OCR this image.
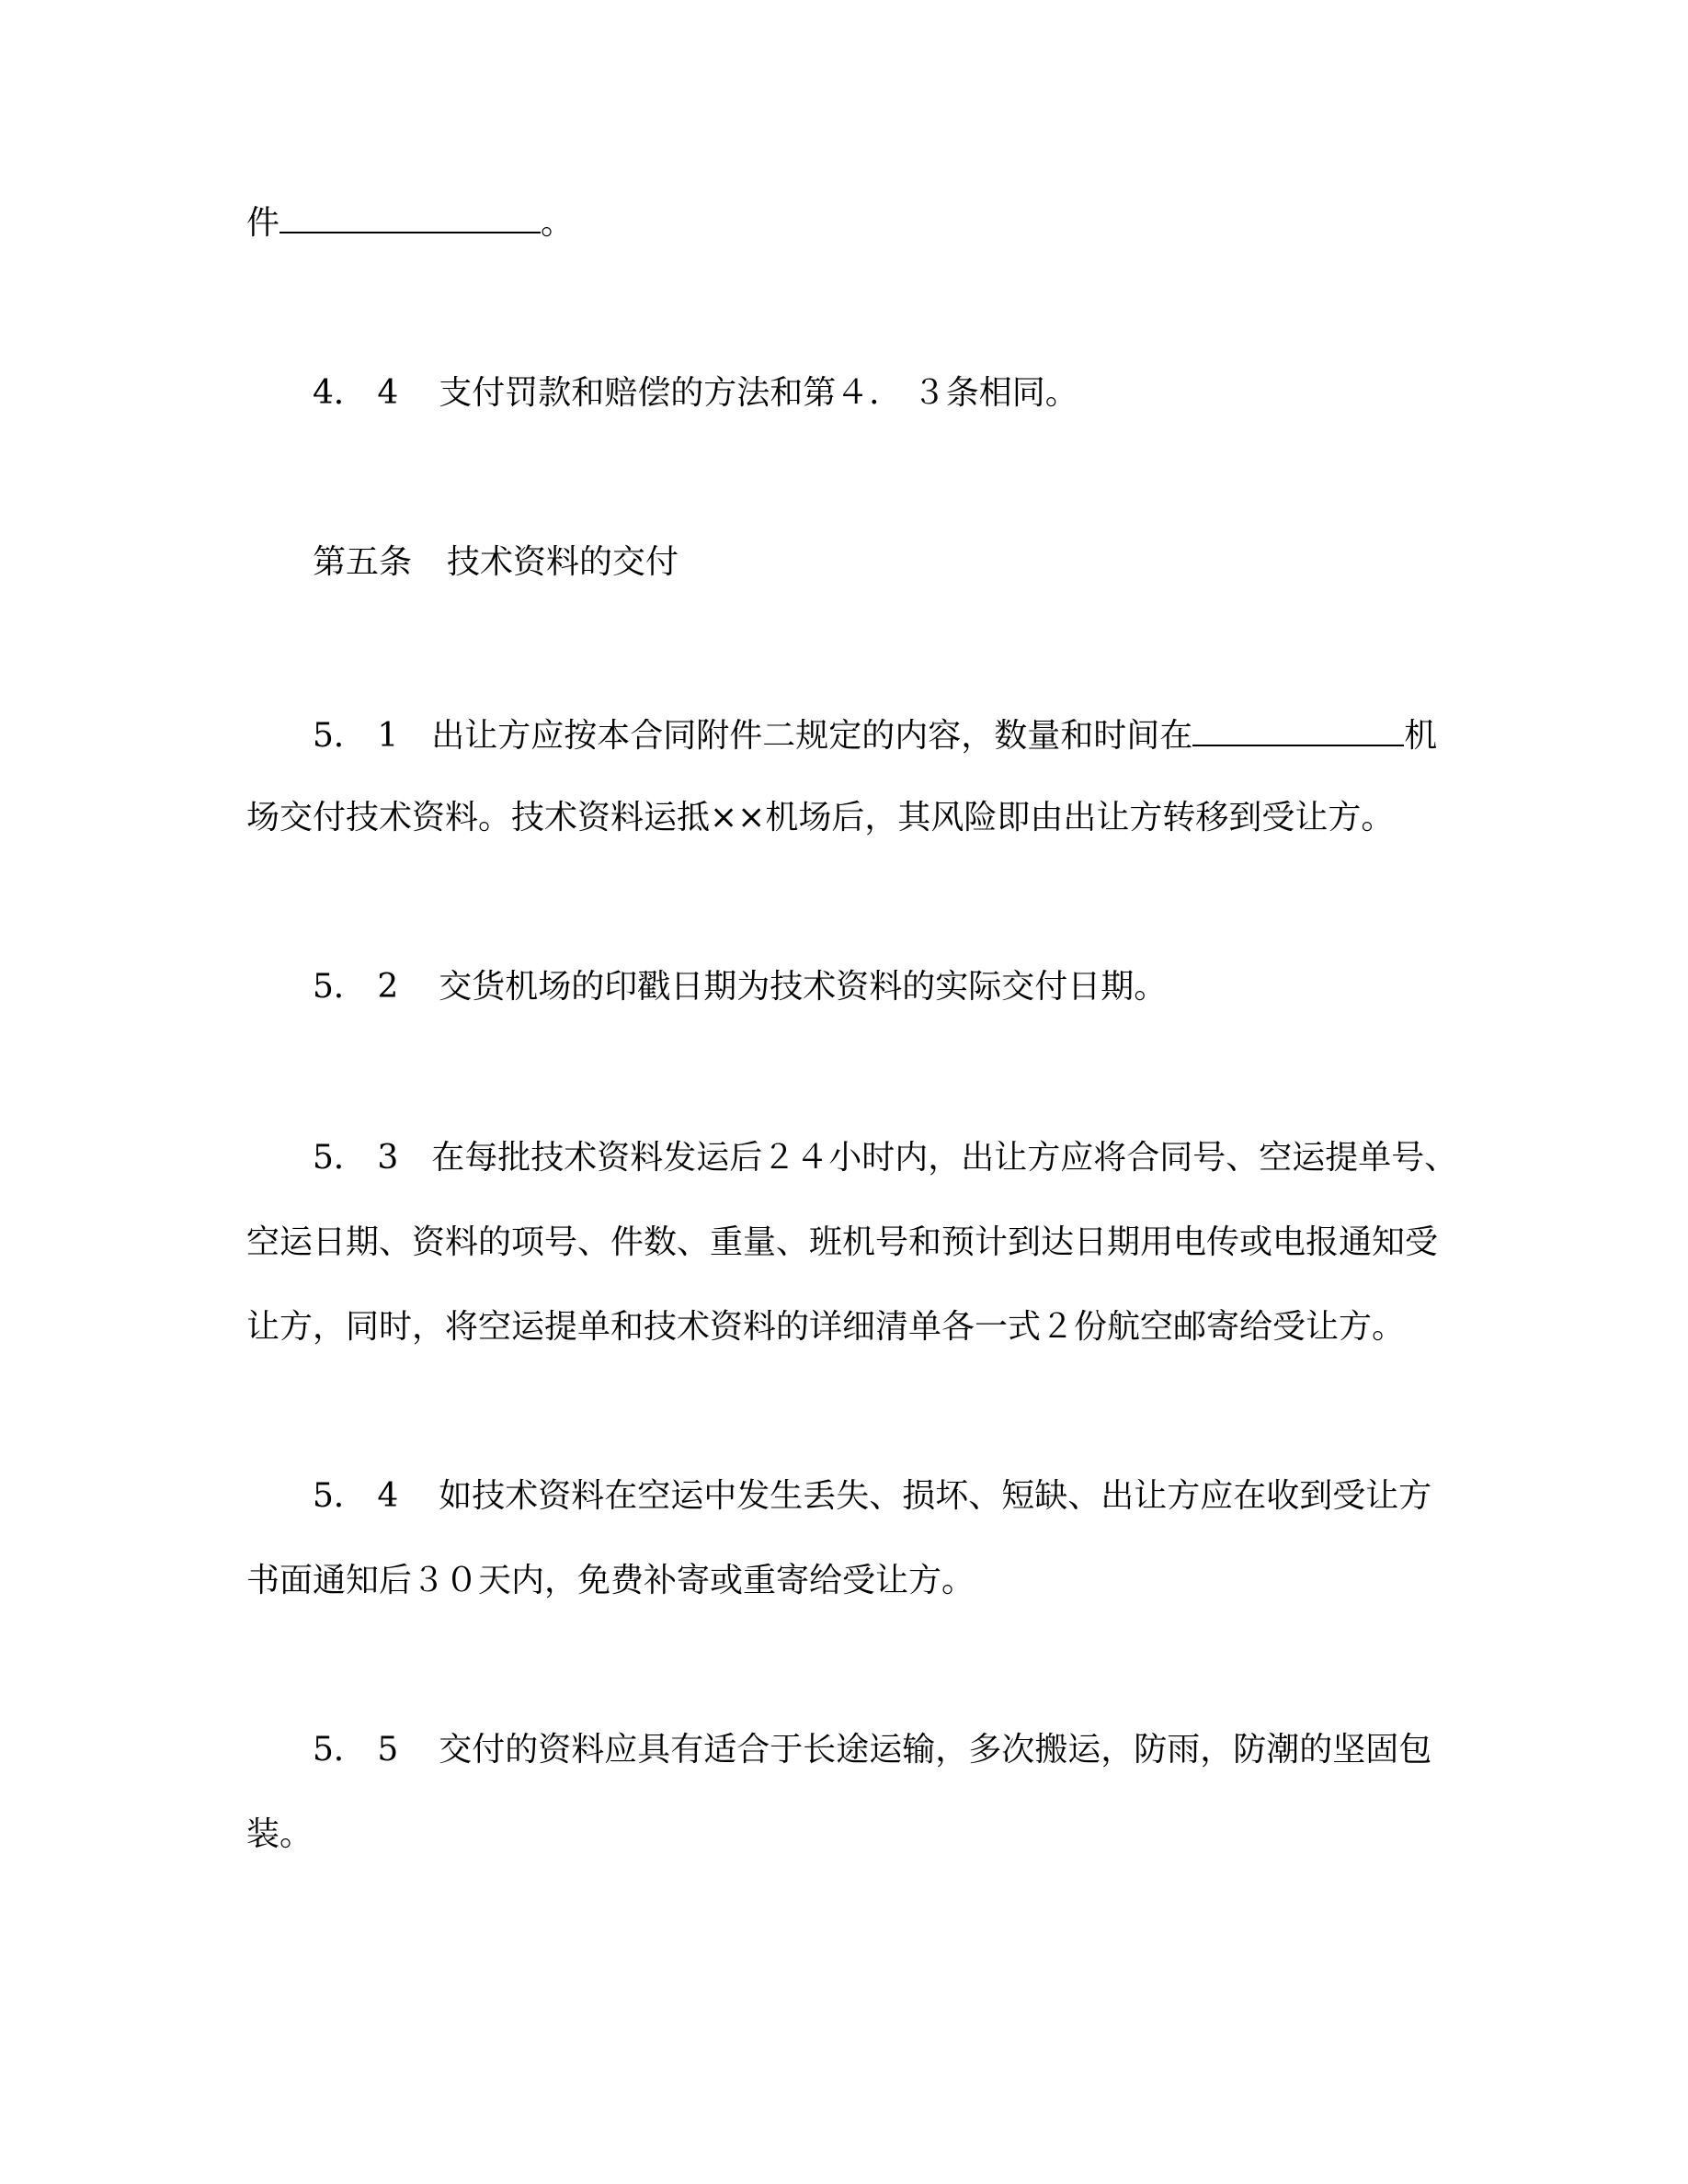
件	。
4． 4 支付罚款和赔偿的方法和第４． ３条相同。
第五条 技术资料的交付
5． 1 出让方应按本合同附件二规定的内容，数量和时间在	机
场交付技术资料。技术资料运抵××机场后，其风险即由出让方转移到受让方。
5． 2 交货机场的印戳日期为技术资料的实际交付日期。
5． 3 在每批技术资料发运后２４小时内，出让方应将合同号、空运提单号、
空运日期、资料的项号、件数、重量、班机号和预计到达日期用电传或电报通知受
让方，同时，将空运提单和技术资料的详细清单各一式２份航空邮寄给受让方。
5． 4 如技术资料在空运中发生丢失、损坏、短缺、出让方应在收到受让方
书面通知后３０天内，免费补寄或重寄给受让方。
5． 5 交付的资料应具有适合于长途运输，多次搬运，防雨，防潮的坚固包
装。
